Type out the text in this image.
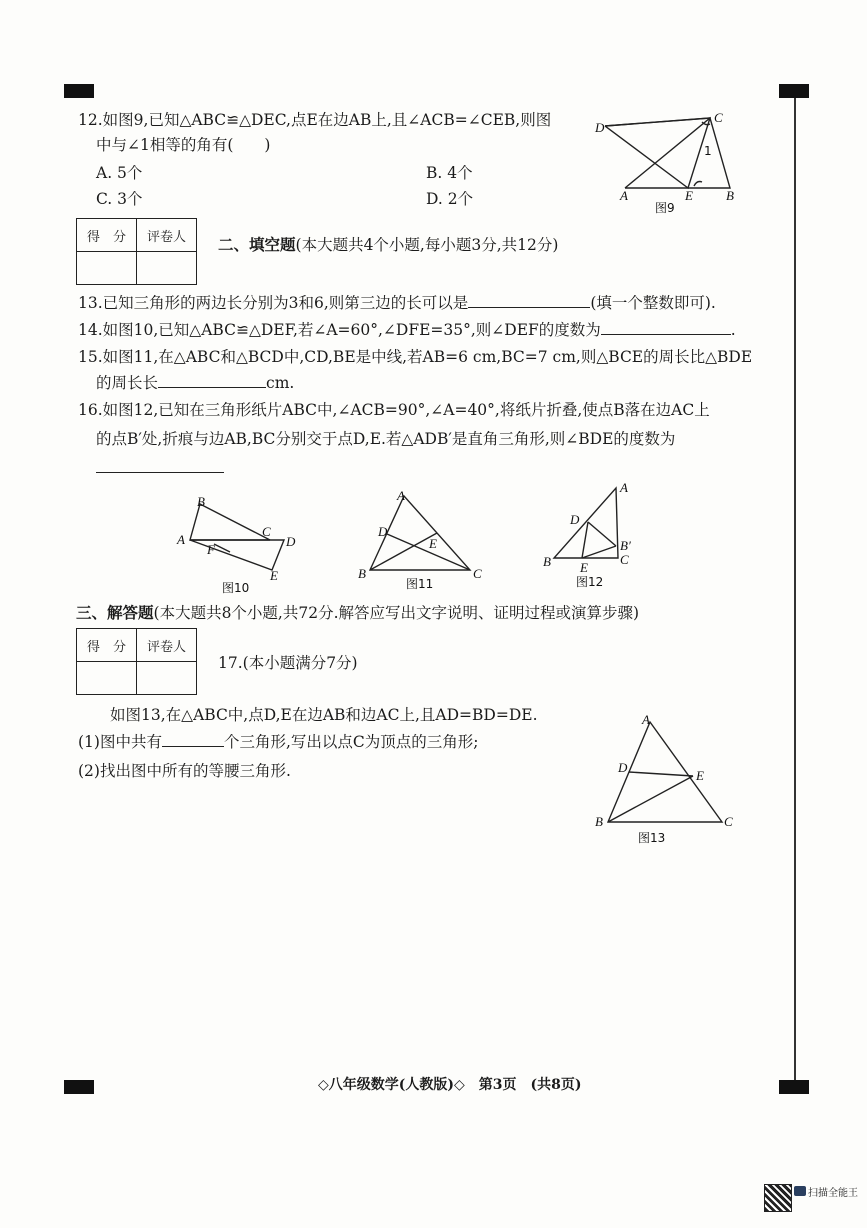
12.如图9,已知△ABC≌△DEC,点E在边AB上,且∠ACB=∠CEB,则图
中与∠1相等的角有(　　)
A. 5个	B. 4个
C. 3个	D. 2个
D
C
A	E	B
1
图9
得　分	评卷人
	二、填空题(本大题共4个小题,每小题3分,共12分)
13.已知三角形的两边长分别为3和6,则第三边的长可以是	(填一个整数即可).
14.如图10,已知△ABC≌△DEF,若∠A=60°,∠DFE=35°,则∠DEF的度数为	.
15.如图11,在△ABC和△BCD中,CD,BE是中线,若AB=6 cm,BC=7 cm,则△BCE的周长比△BDE
的周长长	cm.
16.如图12,已知在三角形纸片ABC中,∠ACB=90°,∠A=40°,将纸片折叠,使点B落在边AC上
的点B′处,折痕与边AB,BC分别交于点D,E.若△ADB′是直角三角形,则∠BDE的度数为
B
A
C
D
F
E
图10
A
D
E
B	C
图11
A
D
B′
C
B E
图12
三、解答题(本大题共8个小题,共72分.解答应写出文字说明、证明过程或演算步骤)
得　分	评卷人

17.(本小题满分7分)
如图13,在△ABC中,点D,E在边AB和边AC上,且AD=BD=DE.
(1)图中共有	个三角形,写出以点C为顶点的三角形;
(2)找出图中所有的等腰三角形.
A
D
E
B	C
图13
◇八年级数学(人教版)◇　第3页　(共8页)
扫描全能王
